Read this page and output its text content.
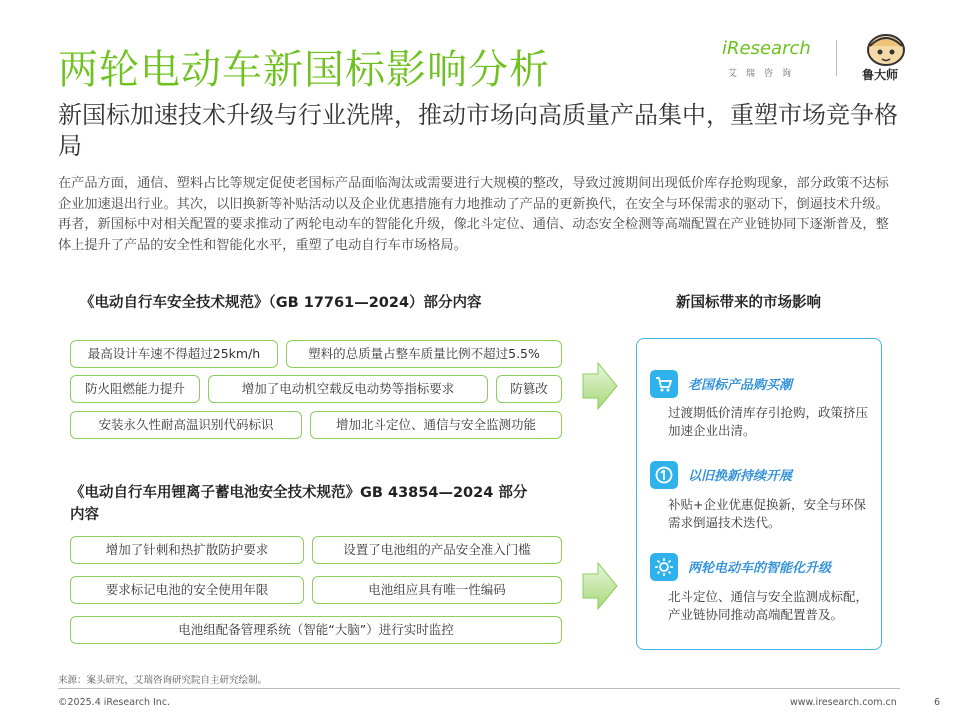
iResearch
艾瑞咨询	鲁大师
两轮电动车新国标影响分析
新国标加速技术升级与行业洗牌，推动市场向高质量产品集中，重塑市场竞争格局
在产品方面，通信、塑料占比等规定促使老国标产品面临淘汰或需要进行大规模的整改，导致过渡期间出现低价库存抢购现象，部分政策不达标企业加速退出行业。其次，以旧换新等补贴活动以及企业优惠措施有力地推动了产品的更新换代，在安全与环保需求的驱动下，倒逼技术升级。再者，新国标中对相关配置的要求推动了两轮电动车的智能化升级，像北斗定位、通信、动态安全检测等高端配置在产业链协同下逐渐普及，整体上提升了产品的安全性和智能化水平，重塑了电动自行车市场格局。
《电动自行车安全技术规范》（GB 17761—2024）部分内容
最高设计车速不得超过25km/h	塑料的总质量占整车质量比例不超过5.5%
防火阻燃能力提升	增加了电动机空载反电动势等指标要求	防篡改
安装永久性耐高温识别代码标识	增加北斗定位、通信与安全监测功能
《电动自行车用锂离子蓄电池安全技术规范》GB 43854—2024 部分内容
增加了针刺和热扩散防护要求	设置了电池组的产品安全准入门槛
要求标记电池的安全使用年限	电池组应具有唯一性编码
电池组配备管理系统（智能“大脑”）进行实时监控
新国标带来的市场影响
老国标产品购买潮
过渡期低价清库存引抢购，政策挤压加速企业出清。
以旧换新持续开展
补贴+企业优惠促换新，安全与环保需求倒逼技术迭代。
两轮电动车的智能化升级
北斗定位、通信与安全监测成标配，产业链协同推动高端配置普及。
来源：案头研究，艾瑞咨询研究院自主研究绘制。
©2025.4 iResearch Inc.	www.iresearch.com.cn	6
